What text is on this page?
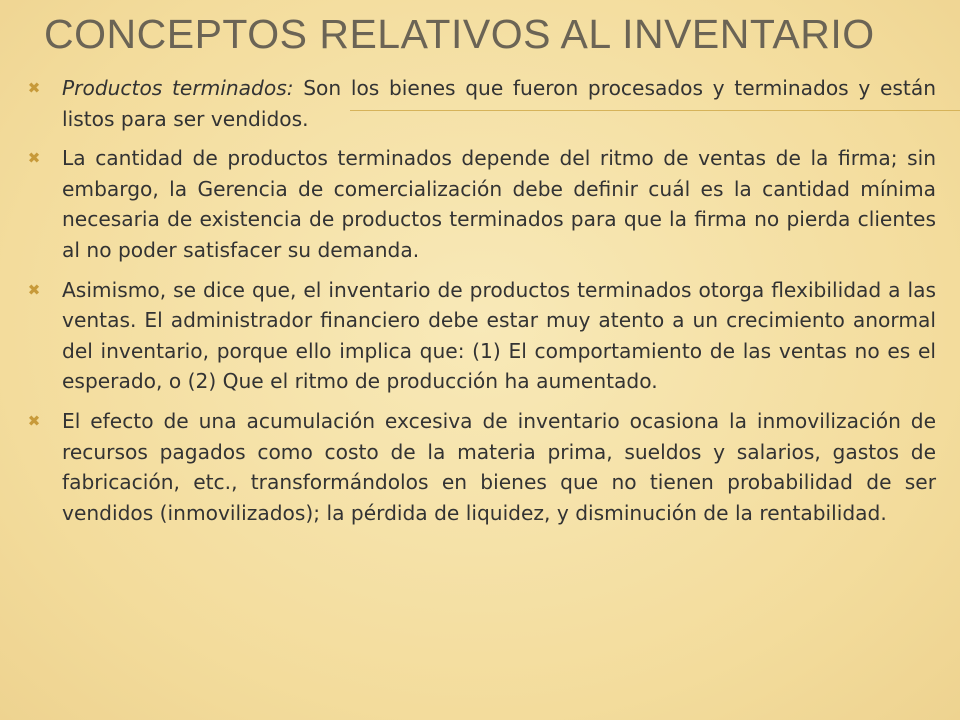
CONCEPTOS RELATIVOS AL INVENTARIO
✖ Productos terminados: Son los bienes que fueron procesados y terminados y están listos para ser vendidos.
✖ La cantidad de productos terminados depende del ritmo de ventas de la firma; sin embargo, la Gerencia de comercialización debe definir cuál es la cantidad mínima necesaria de existencia de productos terminados para que la firma no pierda clientes al no poder satisfacer su demanda.
✖ Asimismo, se dice que, el inventario de productos terminados otorga flexibilidad a las ventas. El administrador financiero debe estar muy atento a un crecimiento anormal del inventario, porque ello implica que: (1) El comportamiento de las ventas no es el esperado, o (2) Que el ritmo de producción ha aumentado.
✖ El efecto de una acumulación excesiva de inventario ocasiona la inmovilización de recursos pagados como costo de la materia prima, sueldos y salarios, gastos de fabricación, etc., transformándolos en bienes que no tienen probabilidad de ser vendidos (inmovilizados); la pérdida de liquidez, y disminución de la rentabilidad.
